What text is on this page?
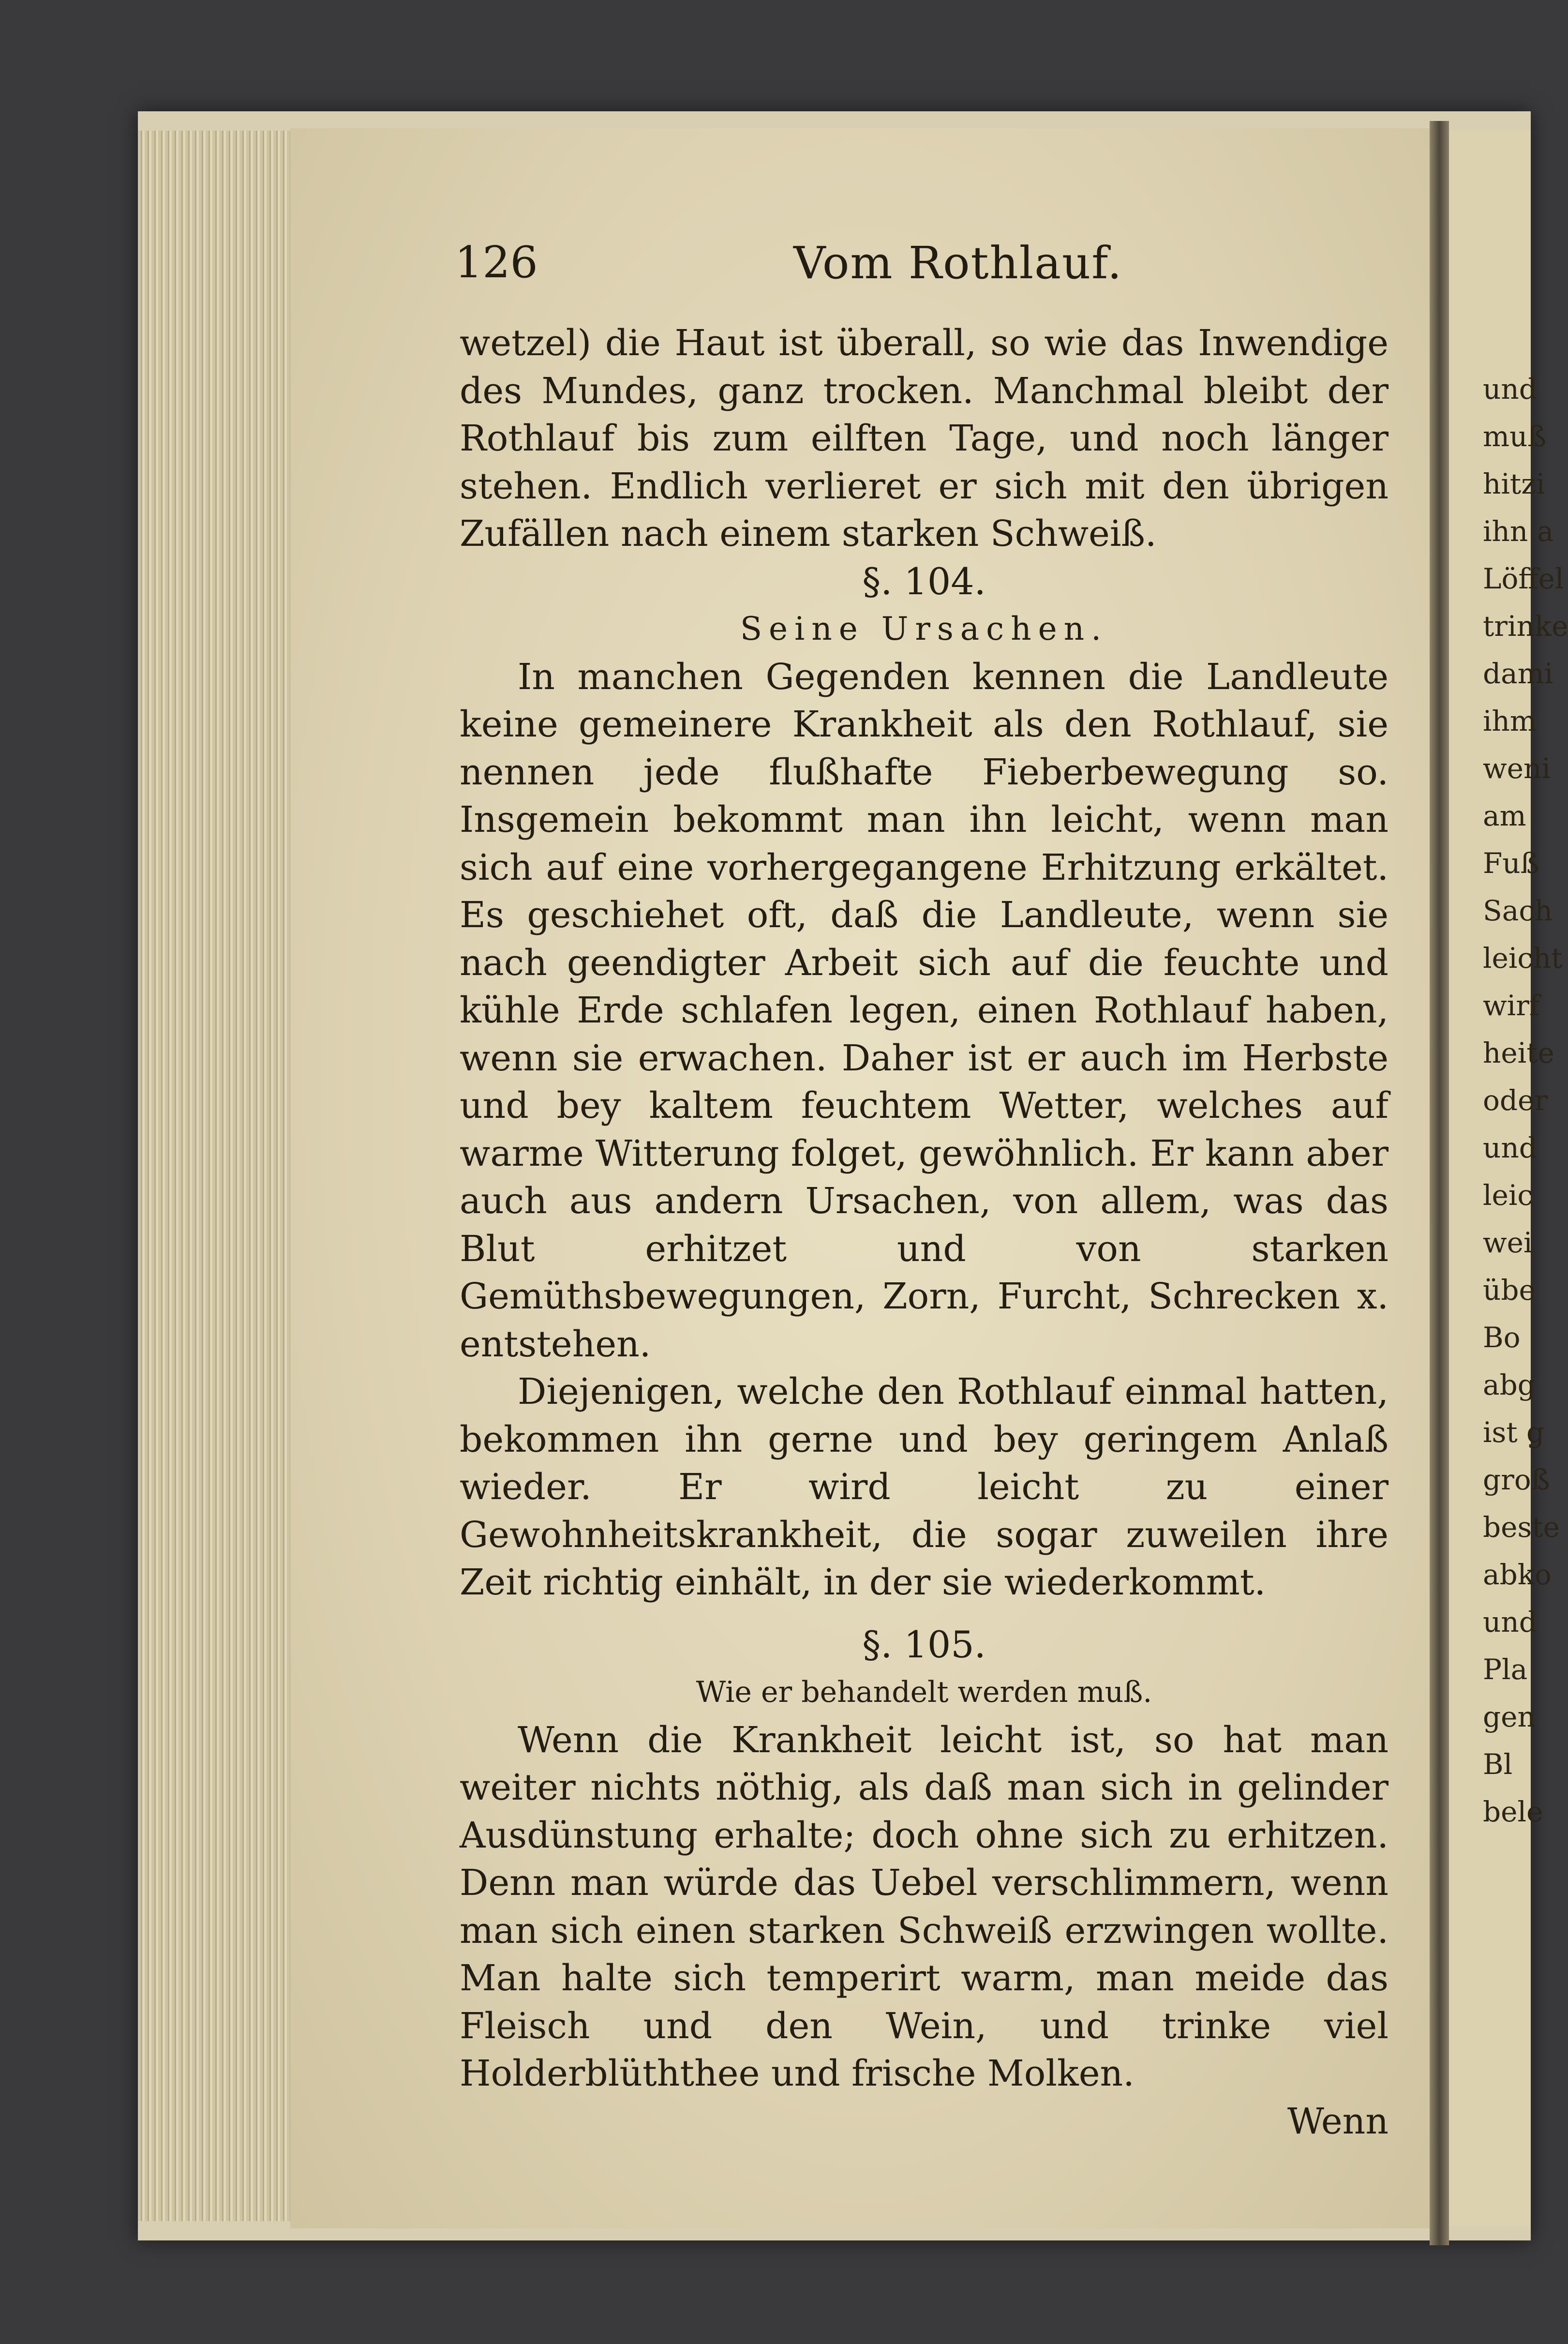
und
muß
hitzi
ihn a
Löffel
trinke
dami
ihm
weni
am
Fuß
Sach
leicht
wirf
heite
oder
und
leic
wei
übe
Bo
abg
ist g
groß
beste
abko
und
Pla
gen
Bl
bele
126	Vom Rothlauf.

wetzel) die Haut ist überall, so wie das Inwendige des Mundes, ganz trocken. Manchmal bleibt der Rothlauf bis zum eilften Tage, und noch länger stehen. Endlich verlieret er sich mit den übrigen Zufällen nach einem starken Schweiß.

§. 104.

Seine Ursachen.

In manchen Gegenden kennen die Landleute keine gemeinere Krankheit als den Rothlauf, sie nennen jede flußhafte Fieberbewegung so. Insgemein bekommt man ihn leicht, wenn man sich auf eine vorhergegangene Erhitzung erkältet. Es geschiehet oft, daß die Landleute, wenn sie nach geendigter Arbeit sich auf die feuchte und kühle Erde schlafen legen, einen Rothlauf haben, wenn sie erwachen. Daher ist er auch im Herbste und bey kaltem feuchtem Wetter, welches auf warme Witterung folget, gewöhnlich. Er kann aber auch aus andern Ursachen, von allem, was das Blut erhitzet und von starken Gemüthsbewegungen, Zorn, Furcht, Schrecken x. entstehen.

Diejenigen, welche den Rothlauf einmal hatten, bekommen ihn gerne und bey geringem Anlaß wieder. Er wird leicht zu einer Gewohnheitskrankheit, die sogar zuweilen ihre Zeit richtig einhält, in der sie wiederkommt.

§. 105.

Wie er behandelt werden muß.

Wenn die Krankheit leicht ist, so hat man weiter nichts nöthig, als daß man sich in gelinder Ausdünstung erhalte; doch ohne sich zu erhitzen. Denn man würde das Uebel verschlimmern, wenn man sich einen starken Schweiß erzwingen wollte. Man halte sich temperirt warm, man meide das Fleisch und den Wein, und trinke viel Holderblüththee und frische Molken.

Wenn
